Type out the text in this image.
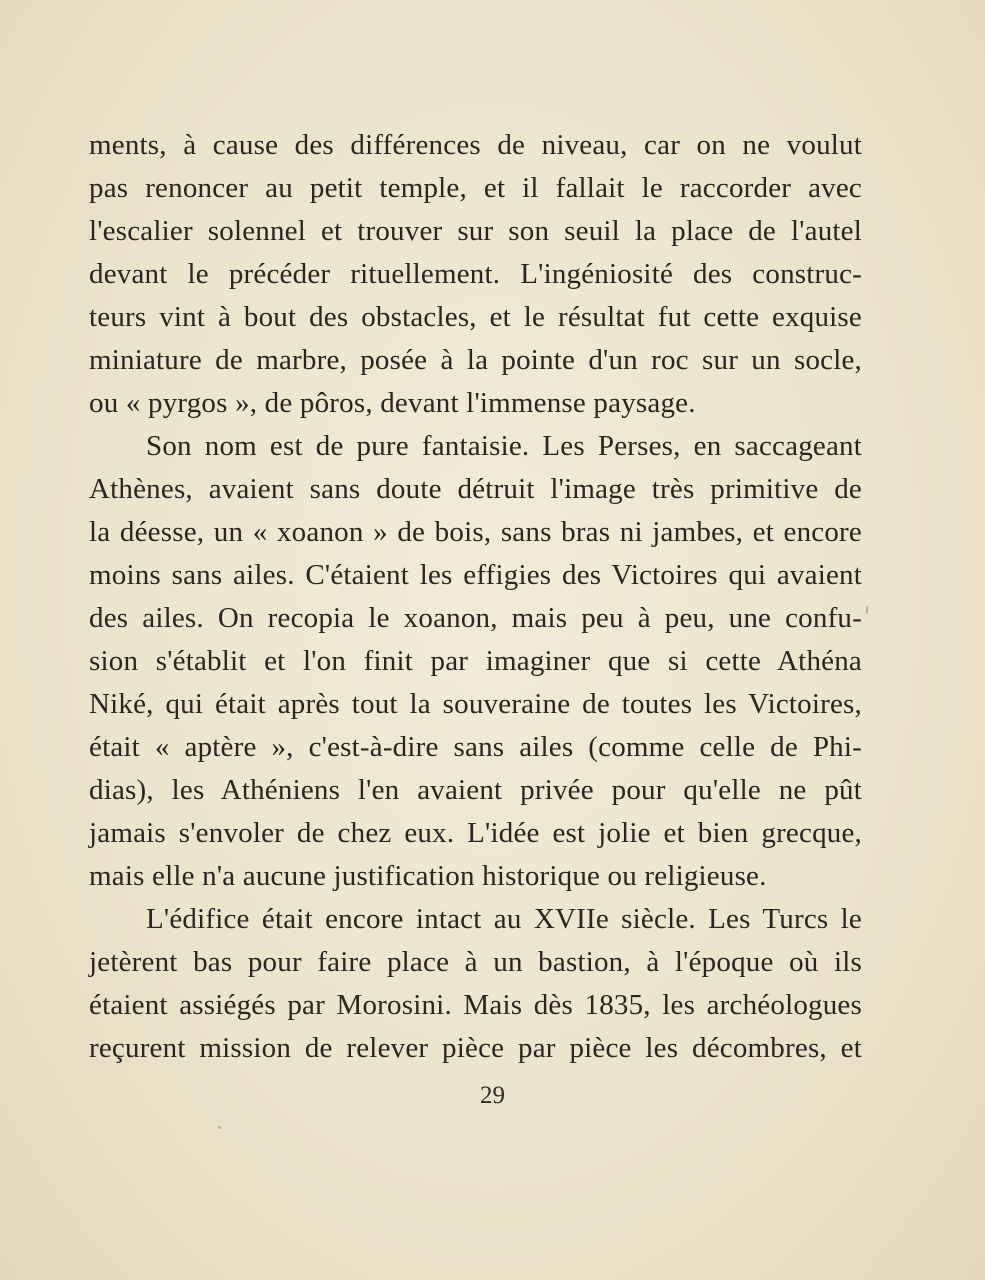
ments, à cause des différences de niveau, car on ne voulut
pas renoncer au petit temple, et il fallait le raccorder avec
l'escalier solennel et trouver sur son seuil la place de l'autel
devant le précéder rituellement. L'ingéniosité des construc-
teurs vint à bout des obstacles, et le résultat fut cette exquise
miniature de marbre, posée à la pointe d'un roc sur un socle,
ou « pyrgos », de pôros, devant l'immense paysage.
Son nom est de pure fantaisie. Les Perses, en saccageant
Athènes, avaient sans doute détruit l'image très primitive de
la déesse, un « xoanon » de bois, sans bras ni jambes, et encore
moins sans ailes. C'étaient les effigies des Victoires qui avaient
des ailes. On recopia le xoanon, mais peu à peu, une confu-
sion s'établit et l'on finit par imaginer que si cette Athéna
Niké, qui était après tout la souveraine de toutes les Victoires,
était « aptère », c'est-à-dire sans ailes (comme celle de Phi-
dias), les Athéniens l'en avaient privée pour qu'elle ne pût
jamais s'envoler de chez eux. L'idée est jolie et bien grecque,
mais elle n'a aucune justification historique ou religieuse.
L'édifice était encore intact au XVIIe siècle. Les Turcs le
jetèrent bas pour faire place à un bastion, à l'époque où ils
étaient assiégés par Morosini. Mais dès 1835, les archéologues
reçurent mission de relever pièce par pièce les décombres, et
29
